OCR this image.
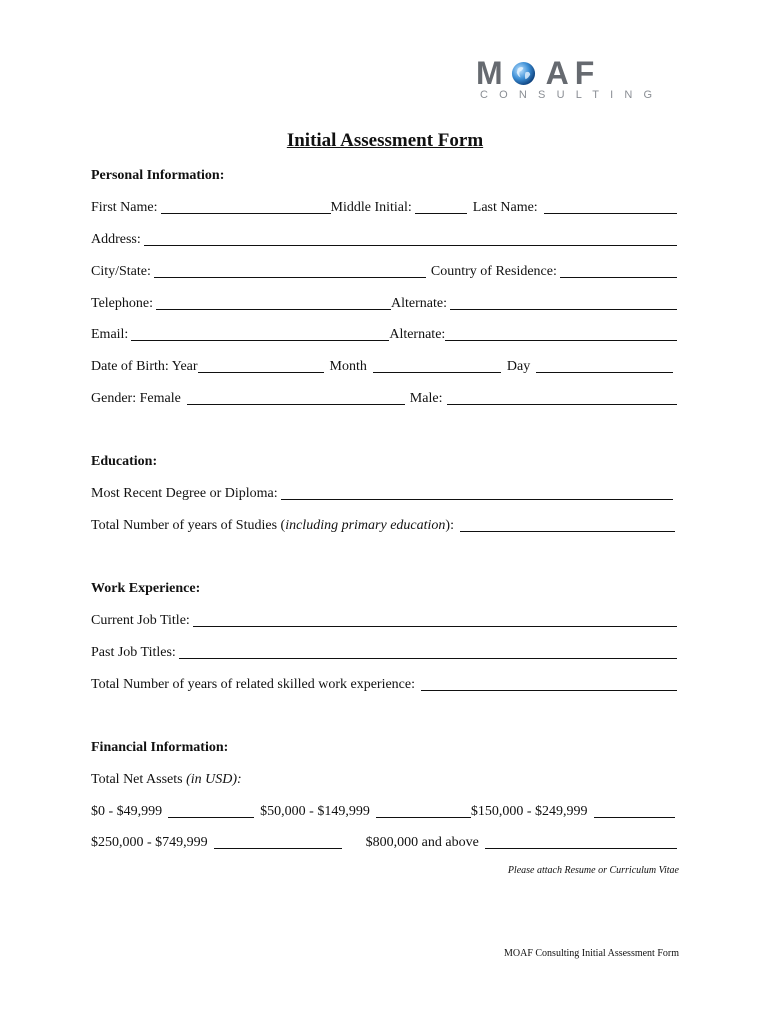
M AF
CONSULTING
Initial Assessment Form
Personal Information:
First Name:	Middle Initial:	Last Name:
Address:
City/State:	Country of Residence:
Telephone:	Alternate:
Email:	Alternate:
Date of Birth: Year	Month	Day
Gender: Female	Male:
Education:
Most Recent Degree or Diploma:
Total Number of years of Studies (including primary education):
Work Experience:
Current Job Title:
Past Job Titles:
Total Number of years of related skilled work experience:
Financial Information:
Total Net Assets (in USD):
$0 - $49,999	$50,000 - $149,999	$150,000 - $249,999
$250,000 - $749,999	$800,000 and above
Please attach Resume or Curriculum Vitae
MOAF Consulting Initial Assessment Form
